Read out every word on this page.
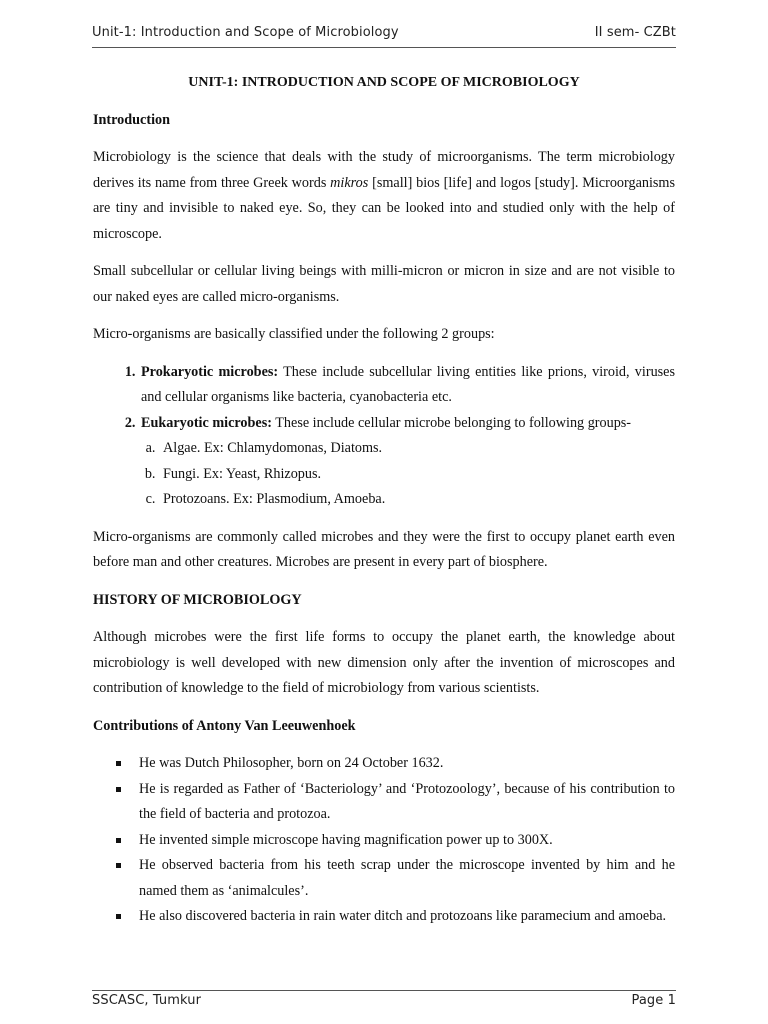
Unit-1: Introduction and Scope of Microbiology	II sem- CZBt
UNIT-1: INTRODUCTION AND SCOPE OF MICROBIOLOGY
Introduction

Microbiology is the science that deals with the study of microorganisms. The term microbiology derives its name from three Greek words mikros [small] bios [life] and logos [study]. Microorganisms are tiny and invisible to naked eye. So, they can be looked into and studied only with the help of microscope.

Small subcellular or cellular living beings with milli-micron or micron in size and are not visible to our naked eyes are called micro-organisms.

Micro-organisms are basically classified under the following 2 groups:

1. Prokaryotic microbes: These include subcellular living entities like prions, viroid, viruses and cellular organisms like bacteria, cyanobacteria etc.
2. Eukaryotic microbes: These include cellular microbe belonging to following groups-
a. Algae. Ex: Chlamydomonas, Diatoms.
b. Fungi. Ex: Yeast, Rhizopus.
c. Protozoans. Ex: Plasmodium, Amoeba.

Micro-organisms are commonly called microbes and they were the first to occupy planet earth even before man and other creatures. Microbes are present in every part of biosphere.

HISTORY OF MICROBIOLOGY

Although microbes were the first life forms to occupy the planet earth, the knowledge about microbiology is well developed with new dimension only after the invention of microscopes and contribution of knowledge to the field of microbiology from various scientists.

Contributions of Antony Van Leeuwenhoek
He was Dutch Philosopher, born on 24 October 1632.
He is regarded as Father of ‘Bacteriology’ and ‘Protozoology’, because of his contribution to the field of bacteria and protozoa.
He invented simple microscope having magnification power up to 300X.
He observed bacteria from his teeth scrap under the microscope invented by him and he named them as ‘animalcules’.
He also discovered bacteria in rain water ditch and protozoans like paramecium and amoeba.
SSCASC, Tumkur	Page 1
